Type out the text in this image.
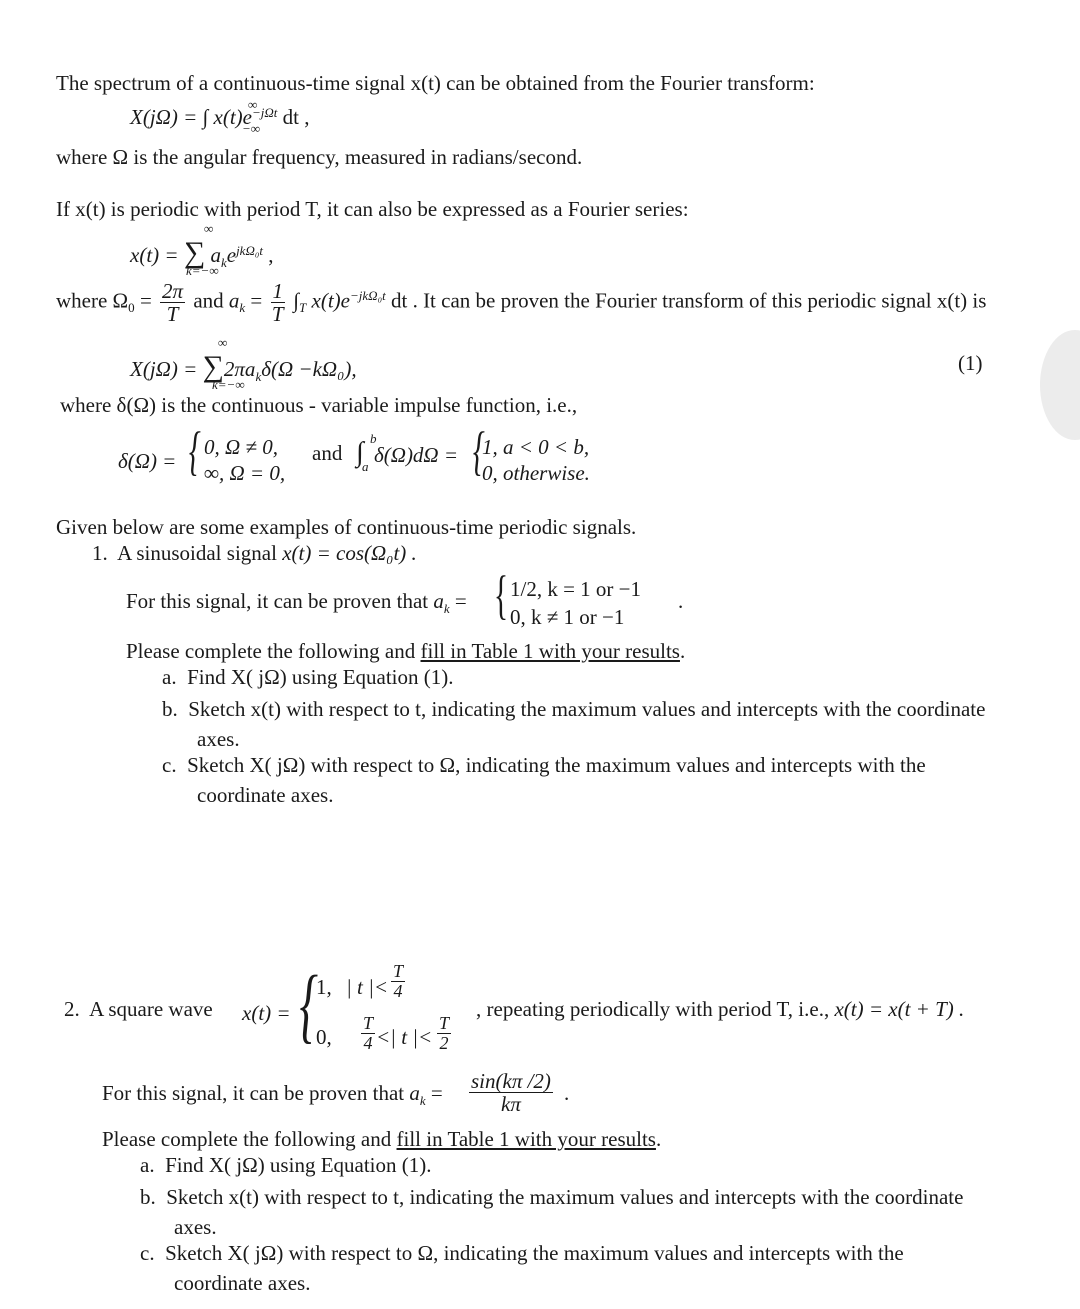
The spectrum of a continuous-time signal x(t) can be obtained from the Fourier transform:
X(jΩ) = ∫ $x(t)e^{-j\Omega t}$ dt ,
∞
−∞
where Ω is the angular frequency, measured in radians/second.
If x(t) is periodic with period T, it can also be expressed as a Fourier series:
x(t) = ∑ $a_ke^{jk\Omega_0t}$ ,
∞
k=−∞
where $\Omega_0 = \frac{2\pi}{T}$ and $a_k = \frac{1}{T} \int_T$ $x(t)e^{-jk\Omega_0t}$ dt . It can be proven the Fourier transform of this periodic signal x(t) is
$X(j\Omega) = \sum 2\pi a_k\delta(\Omega -k\Omega_0)$,
∞
k=−∞
(1)
where δ(Ω) is the continuous - variable impulse function, i.e.,
δ(Ω) = { 0, Ω ≠ 0,
∞, Ω = 0,
and ∫ b
a δ(Ω)dΩ = {
1, a < 0 < b,
0, otherwise.
Given below are some examples of continuous-time periodic signals.
1. A sinusoidal signal x(t) = cos(Ω₀t) .
For this signal, it can be proven that $a_k$ = { 1/2, k = 1 or −1
0, k ≠ 1 or −1
.
Please complete the following and fill in Table 1 with your results.
a. Find X( jΩ) using Equation (1).
b. Sketch x(t) with respect to t, indicating the maximum values and intercepts with the coordinate
axes.
c. Sketch X( jΩ) with respect to Ω, indicating the maximum values and intercepts with the
coordinate axes.
2. A square wave x(t) = {
1, | t |< $\frac{T}{4}$
0, $\frac{T}{4}$ <| t |< $\frac{T}{2}$
, repeating periodically with period T, i.e., x(t) = x(t + T) .
For this signal, it can be proven that $a_k = \frac{\sin(k\pi /2)}{k\pi}$ .
Please complete the following and fill in Table 1 with your results.
a. Find X( jΩ) using Equation (1).
b. Sketch x(t) with respect to t, indicating the maximum values and intercepts with the coordinate
axes.
c. Sketch X( jΩ) with respect to Ω, indicating the maximum values and intercepts with the
coordinate axes.
